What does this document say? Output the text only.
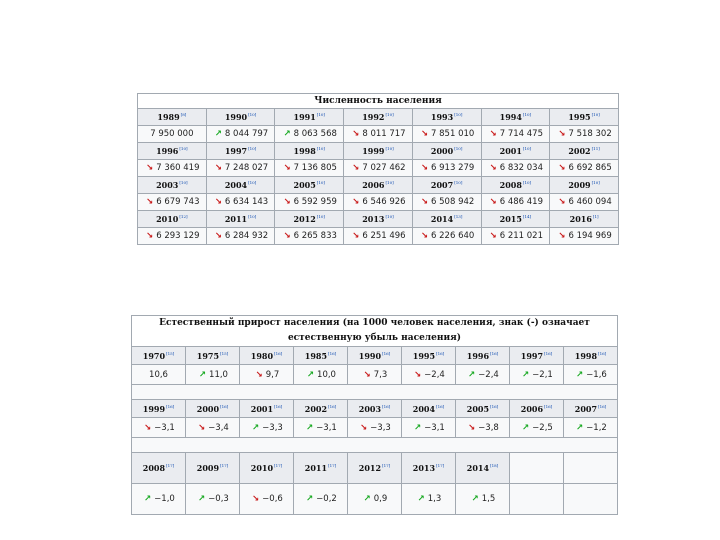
Численность населения						
1989[8]	1990[10]	1991[10]	1992[10]	1993[10]	1994[10]	1995[10]
7 950 000	↗ 8 044 797	↗ 8 063 568	↘ 8 011 717	↘ 7 851 010	↘ 7 714 475	↘ 7 518 302
1996[10]	1997[10]	1998[10]	1999[10]	2000[10]	2001[10]	2002[11]
↘ 7 360 419	↘ 7 248 027	↘ 7 136 805	↘ 7 027 462	↘ 6 913 279	↘ 6 832 034	↘ 6 692 865
2003[10]	2004[10]	2005[10]	2006[10]	2007[10]	2008[10]	2009[10]
↘ 6 679 743	↘ 6 634 143	↘ 6 592 959	↘ 6 546 926	↘ 6 508 942	↘ 6 486 419	↘ 6 460 094
2010[12]	2011[10]	2012[10]	2013[10]	2014[13]	2015[14]	2016[1]
↘ 6 293 129	↘ 6 284 932	↘ 6 265 833	↘ 6 251 496	↘ 6 226 640	↘ 6 211 021	↘ 6 194 969
Естественный прирост населения (на 1000 человек населения, знак (-) означает естественную убыль населения)								
1970[15]	1975[15]	1980[16]	1985[16]	1990[16]	1995[16]	1996[16]	1997[16]	1998[16]
10,6	↗ 11,0	↘ 9,7	↗ 10,0	↘ 7,3	↘ −2,4	↗ −2,4	↗ −2,1	↗ −1,6

1999[16]	2000[16]	2001[16]	2002[16]	2003[16]	2004[16]	2005[16]	2006[16]	2007[16]
↘ −3,1	↘ −3,4	↗ −3,3	↗ −3,1	↘ −3,3	↗ −3,1	↘ −3,8	↗ −2,5	↗ −1,2

2008[17]	2009[17]	2010[17]	2011[17]	2012[17]	2013[17]	2014[18]		
↗ −1,0	↗ −0,3	↘ −0,6	↗ −0,2	↗ 0,9	↗ 1,3	↗ 1,5		
